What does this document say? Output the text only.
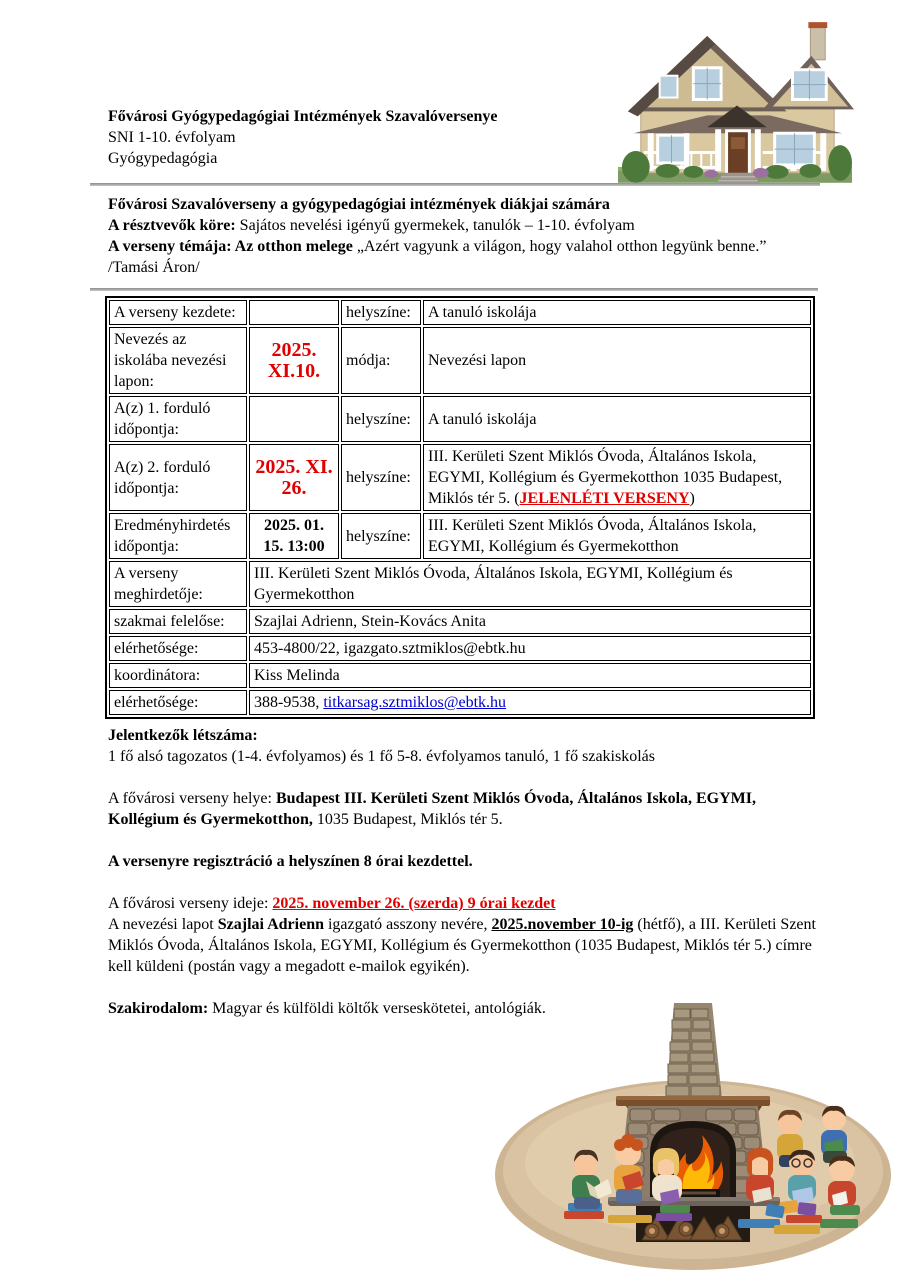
Fővárosi Gyógypedagógiai Intézmények Szavalóversenye
SNI 1-10. évfolyam
Gyógypedagógia
Fővárosi Szavalóverseny a gyógypedagógiai intézmények diákjai számára
A résztvevők köre: Sajátos nevelési igényű gyermekek, tanulók – 1-10. évfolyam
A verseny témája: Az otthon melege „Azért vagyunk a világon, hogy valahol otthon legyünk benne.” /Tamási Áron/
A verseny kezdete:		helyszíne:	A tanuló iskolája
Nevezés az iskolába nevezési lapon:	2025. XI.10.	módja:	Nevezési lapon
A(z) 1. forduló időpontja:		helyszíne:	A tanuló iskolája
A(z) 2. forduló időpontja:	2025. XI. 26.	helyszíne:	III. Kerületi Szent Miklós Óvoda, Általános Iskola, EGYMI, Kollégium és Gyermekotthon 1035 Budapest, Miklós tér 5. (JELENLÉTI VERSENY)
Eredményhirdetés időpontja:	2025. 01. 15. 13:00	helyszíne:	III. Kerületi Szent Miklós Óvoda, Általános Iskola, EGYMI, Kollégium és Gyermekotthon
A verseny meghirdetője:	III. Kerületi Szent Miklós Óvoda, Általános Iskola, EGYMI, Kollégium és Gyermekotthon		
szakmai felelőse:	Szajlai Adrienn, Stein-Kovács Anita		
elérhetősége:	453-4800/22, igazgato.sztmiklos@ebtk.hu		
koordinátora:	Kiss Melinda		
elérhetősége:	388-9538, titkarsag.sztmiklos@ebtk.hu		
Jelentkezők létszáma:
1 fő alsó tagozatos (1-4. évfolyamos) és 1 fő 5-8. évfolyamos tanuló, 1 fő szakiskolás
A fővárosi verseny helye: Budapest III. Kerületi Szent Miklós Óvoda, Általános Iskola, EGYMI, Kollégium és Gyermekotthon, 1035 Budapest, Miklós tér 5.
A versenyre regisztráció a helyszínen 8 órai kezdettel.
A fővárosi verseny ideje: 2025. november 26. (szerda) 9 órai kezdet
A nevezési lapot Szajlai Adrienn igazgató asszony nevére, 2025.november 10-ig (hétfő), a III. Kerületi Szent Miklós Óvoda, Általános Iskola, EGYMI, Kollégium és Gyermekotthon (1035 Budapest, Miklós tér 5.) címre kell küldeni (postán vagy a megadott e-mailok egyikén).
Szakirodalom: Magyar és külföldi költők verseskötetei, antológiák.
